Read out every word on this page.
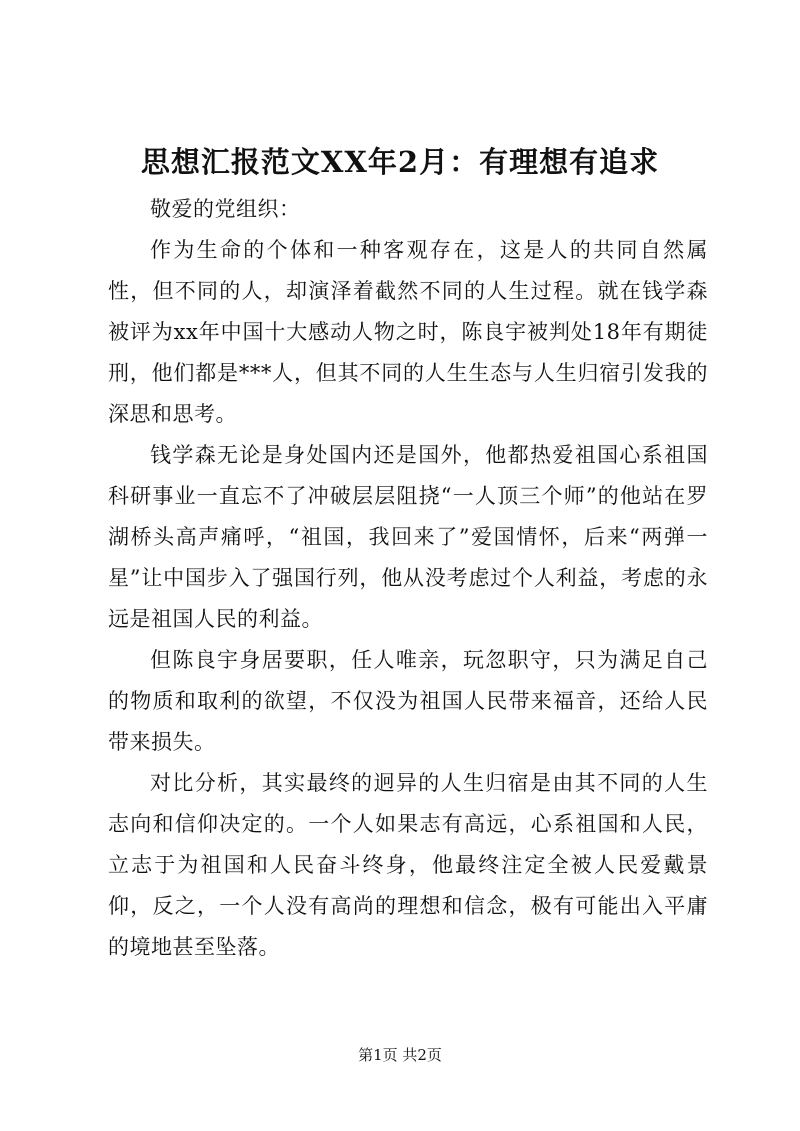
思想汇报范文XX年2月：有理想有追求

敬爱的党组织：

作为生命的个体和一种客观存在，这是人的共同自然属性，但不同的人，却演泽着截然不同的人生过程。就在钱学森被评为xx年中国十大感动人物之时，陈良宇被判处18年有期徒刑，他们都是***人，但其不同的人生生态与人生归宿引发我的深思和思考。

钱学森无论是身处国内还是国外，他都热爱祖国心系祖国科研事业一直忘不了冲破层层阻挠“一人顶三个师”的他站在罗湖桥头高声痛呼，“祖国，我回来了”爱国情怀，后来“两弹一星”让中国步入了强国行列，他从没考虑过个人利益，考虑的永远是祖国人民的利益。

但陈良宇身居要职，任人唯亲，玩忽职守，只为满足自己的物质和取利的欲望，不仅没为祖国人民带来福音，还给人民带来损失。

对比分析，其实最终的迥异的人生归宿是由其不同的人生志向和信仰决定的。一个人如果志有高远，心系祖国和人民，立志于为祖国和人民奋斗终身，他最终注定全被人民爱戴景仰，反之，一个人没有高尚的理想和信念，极有可能出入平庸的境地甚至坠落。

第1页 共2页
